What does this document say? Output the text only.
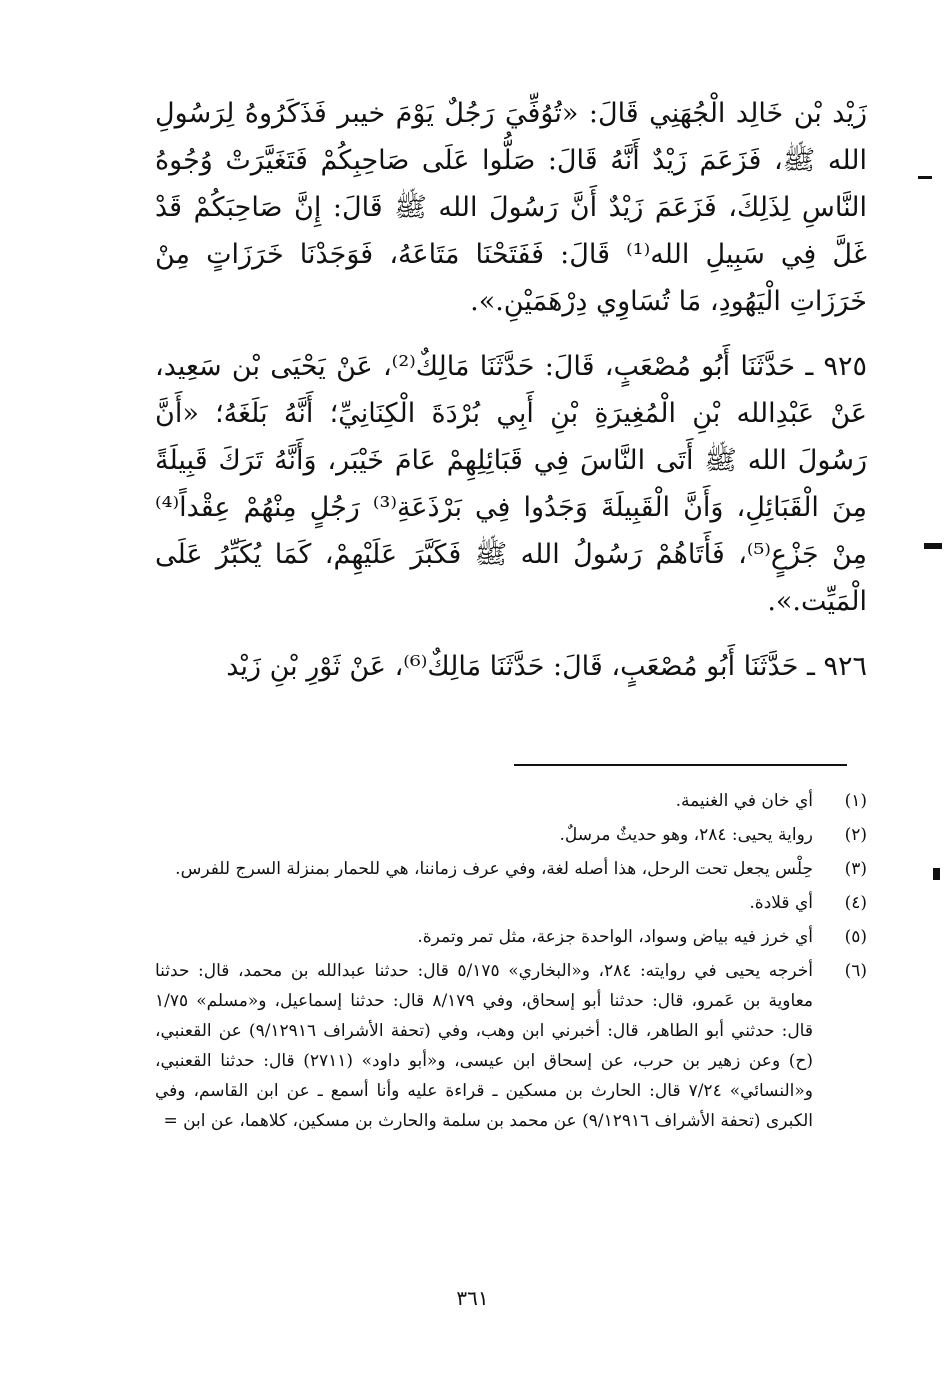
زَيْد بْن خَالِد الْجُهَنِي قَالَ: «تُوُفِّيَ رَجُلٌ يَوْمَ خيبر فَذَكَرُوهُ لِرَسُولِ الله ﷺ، فَزَعَمَ زَيْدٌ أَنَّهُ قَالَ: صَلُّوا عَلَى صَاحِبِكُمْ فَتَغَيَّرَتْ وُجُوهُ النَّاسِ لِذَلِكَ، فَزَعَمَ زَيْدٌ أَنَّ رَسُولَ الله ﷺ قَالَ: إِنَّ صَاحِبَكُمْ قَدْ غَلَّ فِي سَبِيلِ الله⁽¹⁾ قَالَ: فَفَتَحْنَا مَتَاعَهُ، فَوَجَدْنَا خَرَزَاتٍ مِنْ خَرَزَاتِ الْيَهُودِ، مَا تُسَاوِي دِرْهَمَيْنِ.».

٩٢٥ ـ حَدَّثَنَا أَبُو مُصْعَبٍ، قَالَ: حَدَّثَنَا مَالِكٌ⁽²⁾، عَنْ يَحْيَى بْن سَعِيد، عَنْ عَبْدِالله بْنِ الْمُغِيرَةِ بْنِ أَبِي بُرْدَةَ الْكِنَانِيِّ؛ أَنَّهُ بَلَغَهُ؛ «أَنَّ رَسُولَ الله ﷺ أَتَى النَّاسَ فِي قَبَائِلِهِمْ عَامَ خَيْبَر، وَأَنَّهُ تَرَكَ قَبِيلَةً مِنَ الْقَبَائِلِ، وَأَنَّ الْقَبِيلَةَ وَجَدُوا فِي بَرْذَعَةِ⁽³⁾ رَجُلٍ مِنْهُمْ عِقْداً⁽⁴⁾ مِنْ جَزْعٍ⁽⁵⁾، فَأَتَاهُمْ رَسُولُ الله ﷺ فَكَبَّرَ عَلَيْهِمْ، كَمَا يُكَبِّرُ عَلَى الْمَيِّت.».

٩٢٦ ـ حَدَّثَنَا أَبُو مُصْعَبٍ، قَالَ: حَدَّثَنَا مَالِكٌ⁽⁶⁾، عَنْ ثَوْرِ بْنِ زَيْد

(١)
أي خان في الغنيمة.
(٢)
رواية يحيى: ٢٨٤، وهو حديثٌ مرسلٌ.
(٣)
حِلْس يجعل تحت الرحل، هذا أصله لغة، وفي عرف زماننا، هي للحمار بمنزلة السرج للفرس.
(٤)
أي قلادة.
(٥)
أي خرز فيه بياض وسواد، الواحدة جزعة، مثل تمر وتمرة.
(٦)
أخرجه يحيى في روايته: ٢٨٤، و«البخاري» ٥/١٧٥ قال: حدثنا عبدالله بن محمد، قال: حدثنا معاوية بن عَمرو، قال: حدثنا أبو إسحاق، وفي ٨/١٧٩ قال: حدثنا إسماعيل، و«مسلم» ١/٧٥ قال: حدثني أبو الطاهر، قال: أخبرني ابن وهب، وفي (تحفة الأشراف ٩/١٢٩١٦) عن القعنبي، (ح) وعن زهير بن حرب، عن إسحاق ابن عيسى، و«أبو داود» (٢٧١١) قال: حدثنا القعنبي، و«النسائي» ٧/٢٤ قال: الحارث بن مسكين ـ قراءة عليه وأنا أسمع ـ عن ابن القاسم، وفي الكبرى (تحفة الأشراف ٩/١٢٩١٦) عن محمد بن سلمة والحارث بن مسكين، كلاهما، عن ابن =
٣٦١
